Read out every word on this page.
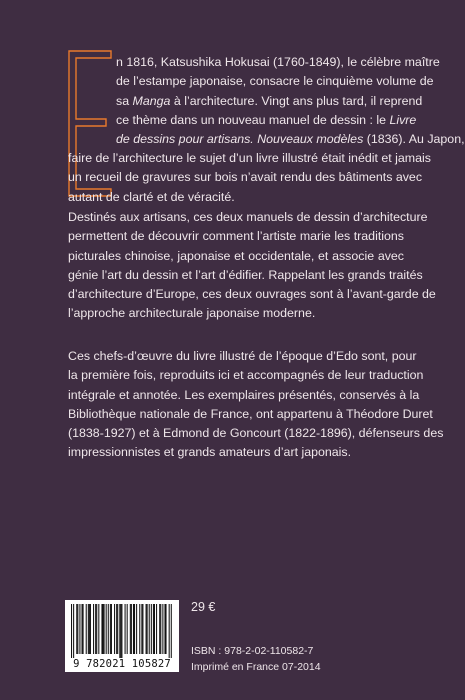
n 1816, Katsushika Hokusai (1760-1849), le célèbre maître
de l’estampe japonaise, consacre le cinquième volume de
sa Manga à l’architecture. Vingt ans plus tard, il reprend
ce thème dans un nouveau manuel de dessin : le Livre
de dessins pour artisans. Nouveaux modèles (1836). Au Japon,
faire de l’architecture le sujet d’un livre illustré était inédit et jamais
un recueil de gravures sur bois n’avait rendu des bâtiments avec
autant de clarté et de véracité.
Destinés aux artisans, ces deux manuels de dessin d’architecture
permettent de découvrir comment l’artiste marie les traditions
picturales chinoise, japonaise et occidentale, et associe avec
génie l’art du dessin et l’art d’édifier. Rappelant les grands traités
d’architecture d’Europe, ces deux ouvrages sont à l’avant-garde de
l’approche architecturale japonaise moderne.
Ces chefs-d’œuvre du livre illustré de l’époque d’Edo sont, pour
la première fois, reproduits ici et accompagnés de leur traduction
intégrale et annotée. Les exemplaires présentés, conservés à la
Bibliothèque nationale de France, ont appartenu à Théodore Duret
(1838-1927) et à Edmond de Goncourt (1822-1896), défenseurs des
impressionnistes et grands amateurs d’art japonais.
9 782021 105827
29 €
ISBN : 978-2-02-110582-7
Imprimé en France 07-2014
